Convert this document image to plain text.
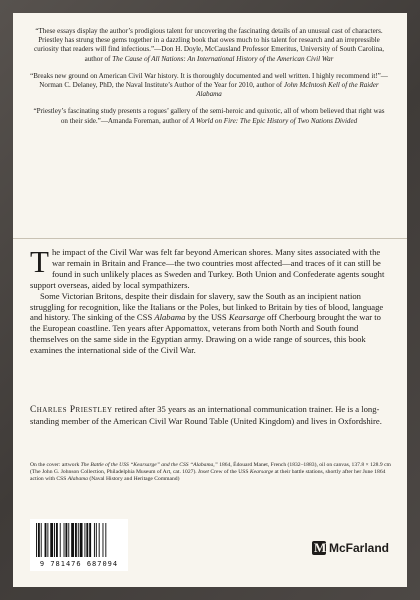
“These essays display the author’s prodigious talent for uncovering the fascinating details of an unusual cast of characters. Priestley has strung these gems together in a dazzling book that owes much to his talent for research and an irrepressible curiosity that readers will find infectious.”—Don H. Doyle, McCausland Professor Emeritus, University of South Carolina, author of The Cause of All Nations: An International History of the American Civil War

“Breaks new ground on American Civil War history. It is thoroughly documented and well written. I highly recommend it!”—Norman C. Delaney, PhD, the Naval Institute’s Author of the Year for 2010, author of John McIntosh Kell of the Raider Alabama

“Priestley’s fascinating study presents a rogues’ gallery of the semi-heroic and quixotic, all of whom believed that right was on their side.”—Amanda Foreman, author of A World on Fire: The Epic History of Two Nations Divided

The impact of the Civil War was felt far beyond American shores. Many sites associated with the war remain in Britain and France—the two countries most affected—and traces of it can still be found in such unlikely places as Sweden and Turkey. Both Union and Confederate agents sought support overseas, aided by local sympathizers.

Some Victorian Britons, despite their disdain for slavery, saw the South as an incipient nation struggling for recognition, like the Italians or the Poles, but linked to Britain by ties of blood, language and history. The sinking of the CSS Alabama by the USS Kearsarge off Cherbourg brought the war to the European coastline. Ten years after Appomattox, veterans from both North and South found themselves on the same side in the Egyptian army. Drawing on a wide range of sources, this book examines the international side of the Civil War.

Charles Priestley retired after 35 years as an international communication trainer. He is a long-standing member of the American Civil War Round Table (United Kingdom) and lives in Oxfordshire.

On the cover: artwork The Battle of the USS “Kearsarge” and the CSS “Alabama,” 1864, Édouard Manet, French (1832–1883), oil on canvas, 137.8 × 128.9 cm (The John G. Johnson Collection, Philadelphia Museum of Art, cat. 1027). Inset Crew of the USS Kearsarge at their battle stations, shortly after her June 1864 action with CSS Alabama (Naval History and Heritage Command)

9 781476 687094
M McFarland
